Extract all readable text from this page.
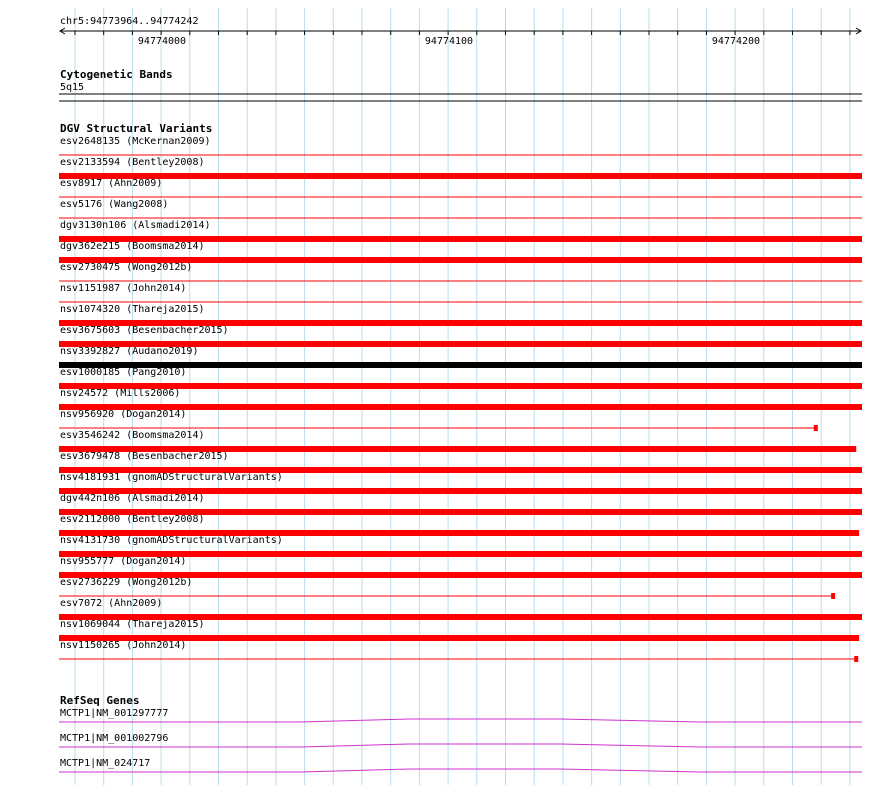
chr5:94773964..94774242
94774000	94774100	94774200
Cytogenetic Bands
5q15
DGV Structural Variants
esv2648135 (McKernan2009)
esv2133594 (Bentley2008)
esv8917 (Ahn2009)
esv5176 (Wang2008)
dgv3130n106 (Alsmadi2014)
dgv362e215 (Boomsma2014)
esv2730475 (Wong2012b)
nsv1151987 (John2014)
nsv1074320 (Thareja2015)
esv3675603 (Besenbacher2015)
nsv3392827 (Audano2019)
esv1000185 (Pang2010)
nsv24572 (Mills2006)
nsv956920 (Dogan2014)
esv3546242 (Boomsma2014)
esv3679478 (Besenbacher2015)
nsv4181931 (gnomADStructuralVariants)
dgv442n106 (Alsmadi2014)
esv2112000 (Bentley2008)
nsv4131730 (gnomADStructuralVariants)
nsv955777 (Dogan2014)
esv2736229 (Wong2012b)
esv7072 (Ahn2009)
nsv1069044 (Thareja2015)
nsv1150265 (John2014)
RefSeq Genes
MCTP1|NM_001297777
MCTP1|NM_001002796
MCTP1|NM_024717
